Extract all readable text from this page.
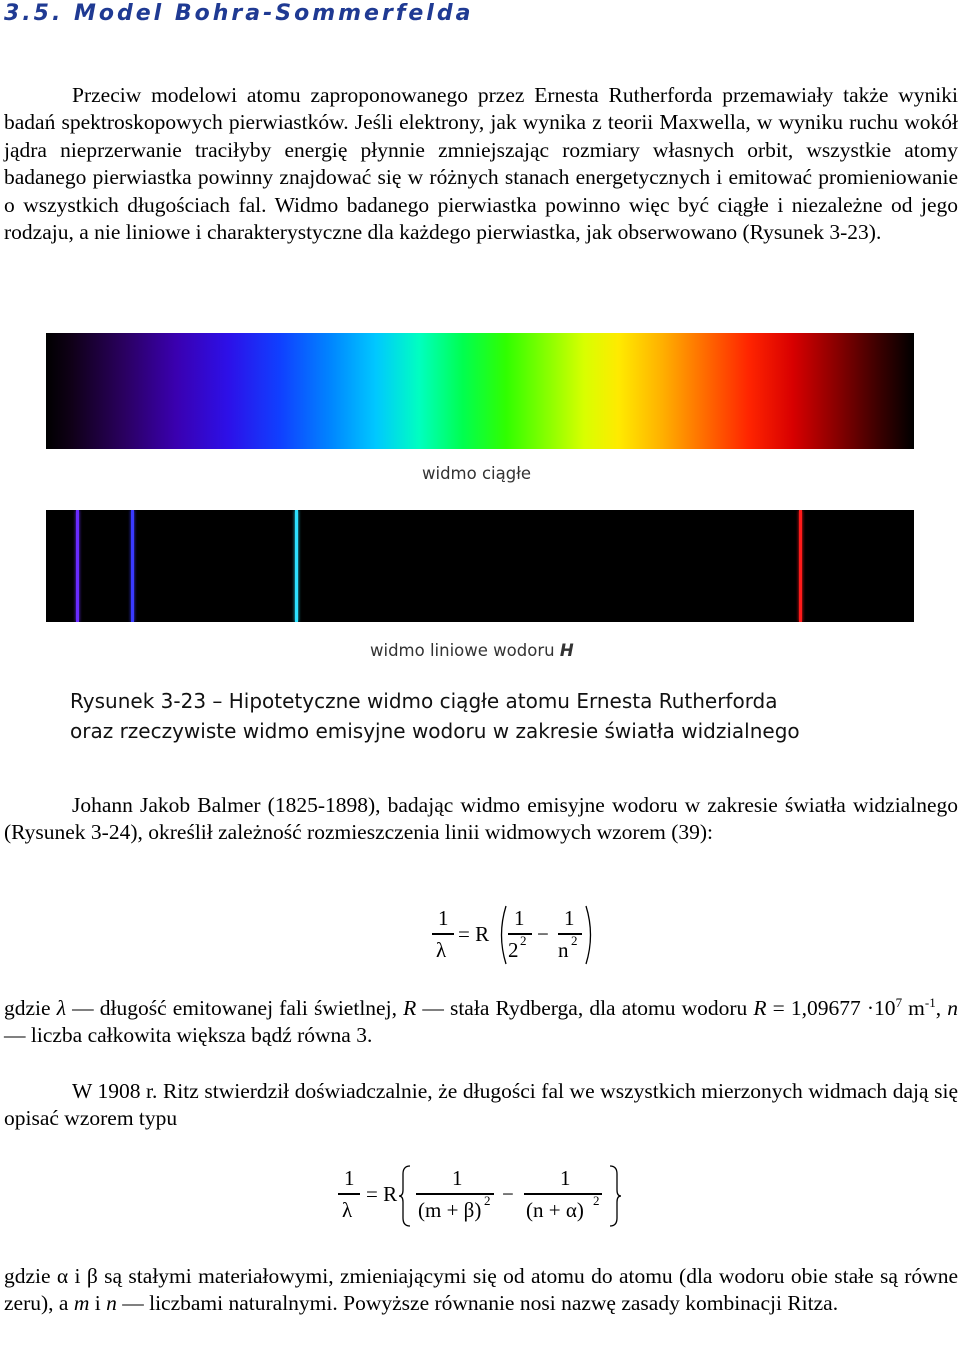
3.5. Model Bohra-Sommerfelda

Przeciw modelowi atomu zaproponowanego przez Ernesta Rutherforda przemawiały także wyniki badań spektroskopowych pierwiastków. Jeśli elektrony, jak wynika z teorii Maxwella, w wyniku ruchu wokół jądra nieprzerwanie traciłyby energię płynnie zmniejszając rozmiary własnych orbit, wszystkie atomy badanego pierwiastka powinny znajdować się w różnych stanach energetycznych i emitować promieniowanie o wszystkich długościach fal. Widmo badanego pierwiastka powinno więc być ciągłe i niezależne od jego rodzaju, a nie liniowe i charakterystyczne dla każdego pierwiastka, jak obserwowano (Rysunek 3-23).

widmo ciągłe

widmo liniowe wodoru H

Rysunek 3-23 – Hipotetyczne widmo ciągłe atomu Ernesta Rutherforda

oraz rzeczywiste widmo emisyjne wodoru w zakresie światła widzialnego

Johann Jakob Balmer (1825-1898), badając widmo emisyjne wodoru w zakresie światła widzialnego (Rysunek 3-24), określił zależność rozmieszczenia linii widmowych wzorem (39):

1
λ
= R
1
2 2 −
1
n 2

gdzie λ — długość emitowanej fali świetlnej, R — stała Rydberga, dla atomu wodoru $R = 1,09677 \cdot 10^7$ $m^{-1}$, n — liczba całkowita większa bądź równa 3.

W 1908 r. Ritz stwierdził doświadczalnie, że długości fal we wszystkich mierzonych widmach dają się opisać wzorem typu

1
λ
= R
1
(m + β) 2 −
1
(n + α) 2

gdzie α i β są stałymi materiałowymi, zmieniającymi się od atomu do atomu (dla wodoru obie stałe są równe zeru), a m i n — liczbami naturalnymi. Powyższe równanie nosi nazwę zasady kombinacji Ritza.
